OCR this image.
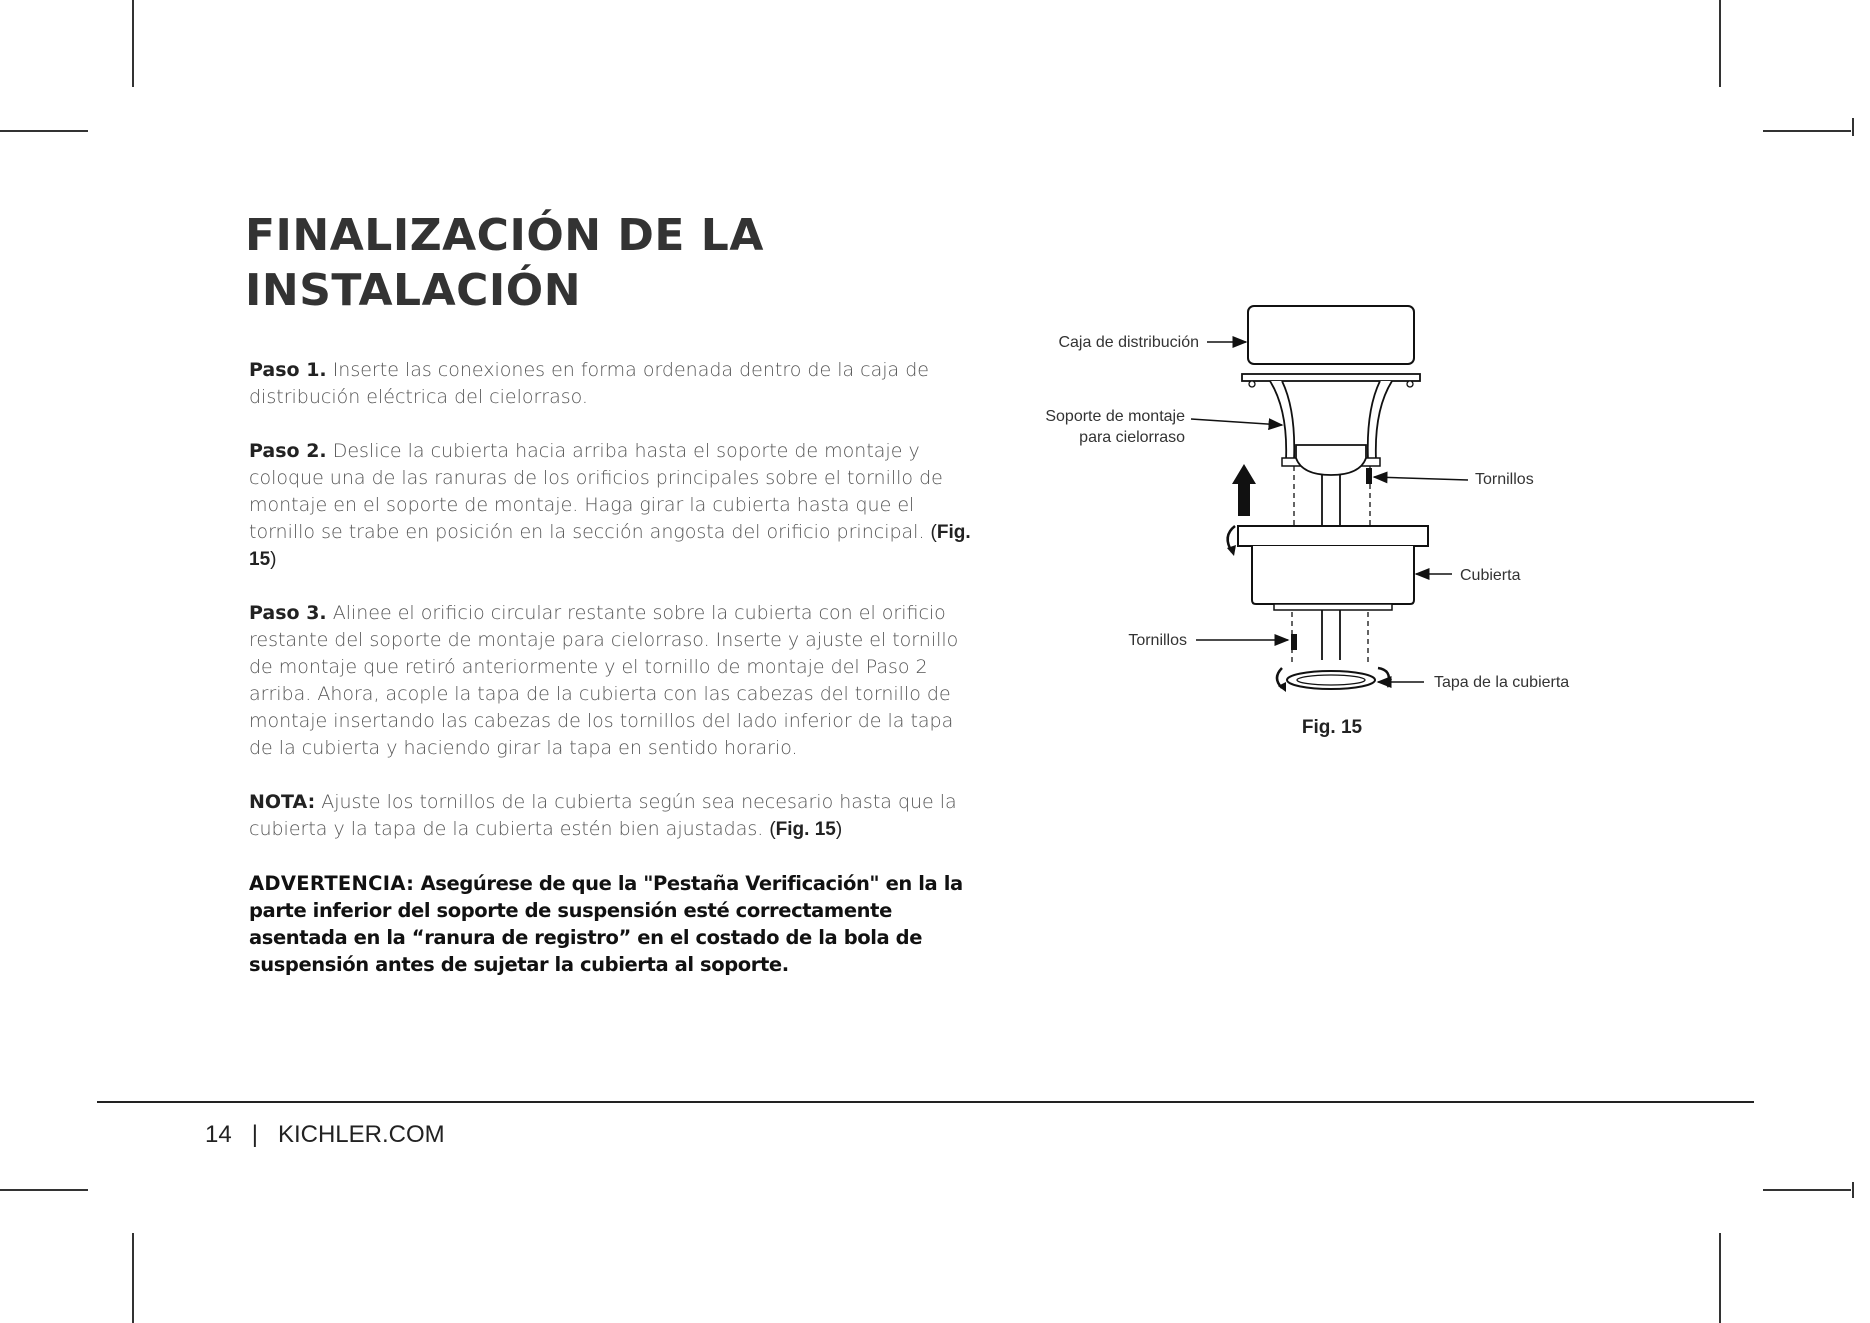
FINALIZACIÓN DE LA
INSTALACIÓN

Paso 1. Inserte las conexiones en forma ordenada dentro de la caja de distribución eléctrica del cielorraso.

Paso 2. Deslice la cubierta hacia arriba hasta el soporte de montaje y coloque una de las ranuras de los orificios principales sobre el tornillo de montaje en el soporte de montaje. Haga girar la cubierta hasta que el tornillo se trabe en posición en la sección angosta del orificio principal. (Fig. 15)

Paso 3. Alinee el orificio circular restante sobre la cubierta con el orificio restante del soporte de montaje para cielorraso. Inserte y ajuste el tornillo de montaje que retiró anteriormente y el tornillo de montaje del Paso 2 arriba. Ahora, acople la tapa de la cubierta con las cabezas del tornillo de montaje insertando las cabezas de los tornillos del lado inferior de la tapa de la cubierta y haciendo girar la tapa en sentido horario.

NOTA: Ajuste los tornillos de la cubierta según sea necesario hasta que la cubierta y la tapa de la cubierta estén bien ajustadas. (Fig. 15)

ADVERTENCIA: Asegúrese de que la "Pestaña Verificación" en la la parte inferior del soporte de suspensión esté correctamente asentada en la “ranura de registro” en el costado de la bola de suspensión antes de sujetar la cubierta al soporte.

Caja de distribución
Soporte de montaje
para cielorraso
Tornillos
Cubierta
Tornillos
Tapa de la cubierta
Fig. 15
14 | KICHLER.COM
